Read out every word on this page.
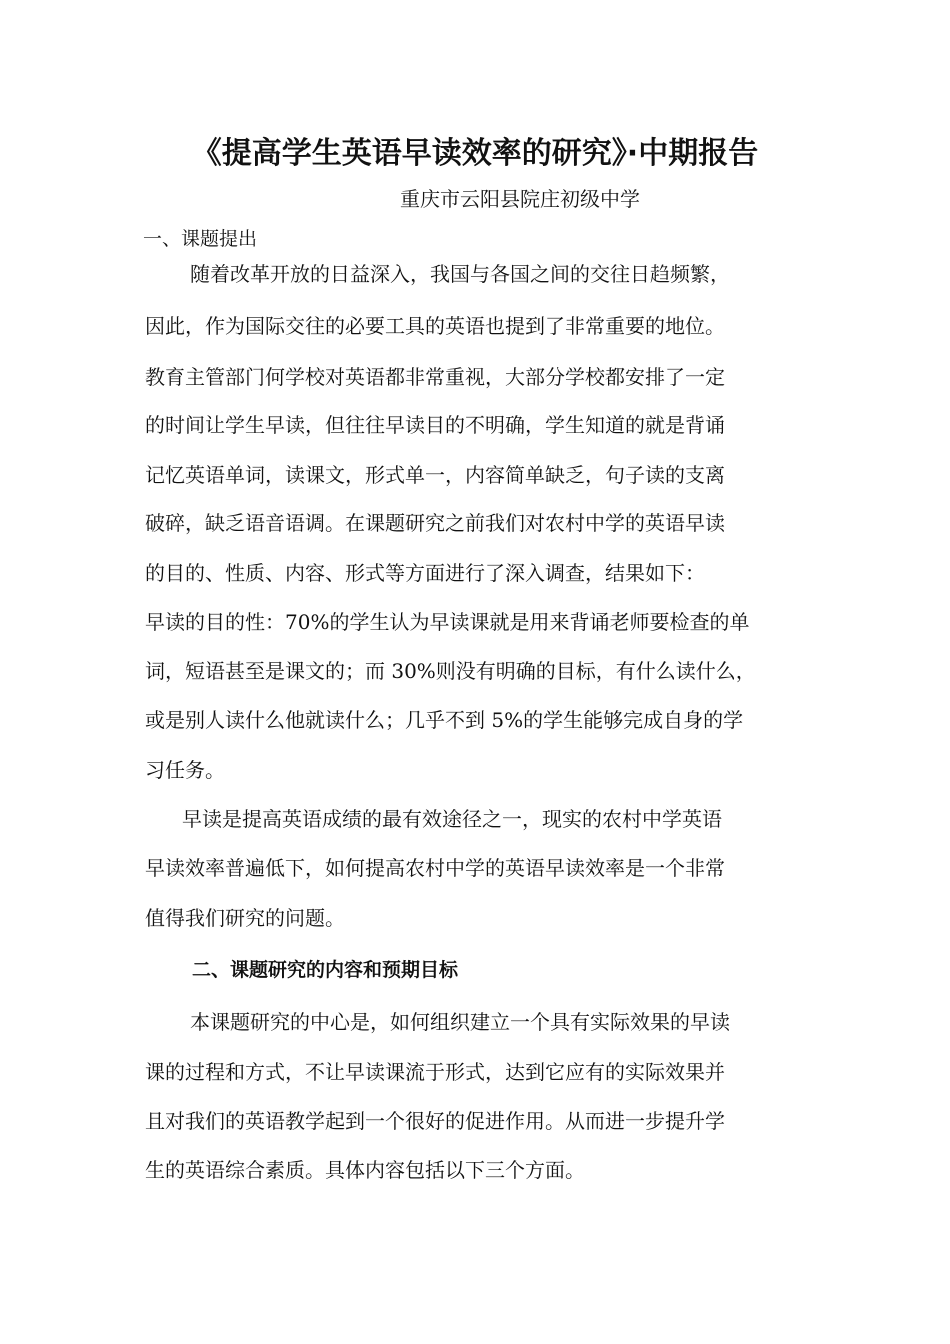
《提高学生英语早读效率的研究》·中期报告
重庆市云阳县院庄初级中学
一、课题提出
随着改革开放的日益深入，我国与各国之间的交往日趋频繁，
因此，作为国际交往的必要工具的英语也提到了非常重要的地位。
教育主管部门何学校对英语都非常重视，大部分学校都安排了一定
的时间让学生早读，但往往早读目的不明确，学生知道的就是背诵
记忆英语单词，读课文，形式单一，内容简单缺乏，句子读的支离
破碎，缺乏语音语调。在课题研究之前我们对农村中学的英语早读
的目的、性质、内容、形式等方面进行了深入调查，结果如下：
早读的目的性：70%的学生认为早读课就是用来背诵老师要检查的单
词，短语甚至是课文的；而 30%则没有明确的目标，有什么读什么，
或是别人读什么他就读什么；几乎不到 5%的学生能够完成自身的学
习任务。
早读是提高英语成绩的最有效途径之一，现实的农村中学英语
早读效率普遍低下，如何提高农村中学的英语早读效率是一个非常
值得我们研究的问题。
二、课题研究的内容和预期目标
本课题研究的中心是，如何组织建立一个具有实际效果的早读
课的过程和方式，不让早读课流于形式，达到它应有的实际效果并
且对我们的英语教学起到一个很好的促进作用。从而进一步提升学
生的英语综合素质。具体内容包括以下三个方面。
